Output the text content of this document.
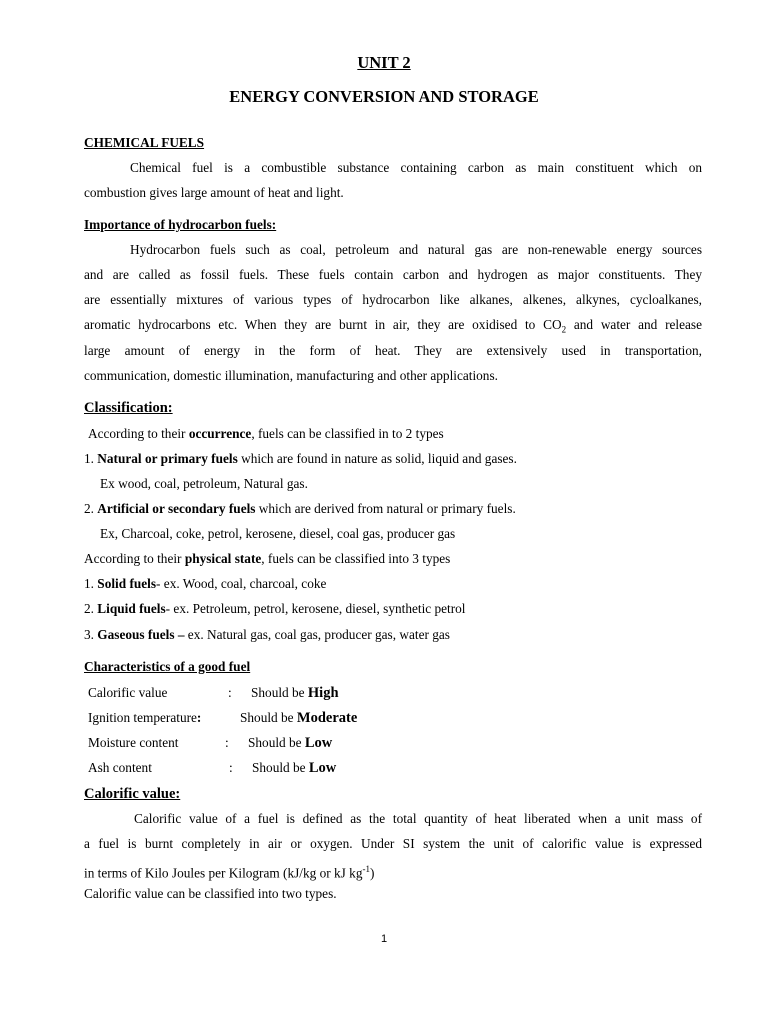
UNIT 2
ENERGY CONVERSION AND STORAGE
CHEMICAL FUELS
Chemical fuel is a combustible substance containing carbon as main constituent which on
combustion gives large amount of heat and light.
Importance of hydrocarbon fuels:
Hydrocarbon fuels such as coal, petroleum and natural gas are non-renewable energy sources
and are called as fossil fuels. These fuels contain carbon and hydrogen as major constituents. They
are essentially mixtures of various types of hydrocarbon like alkanes, alkenes, alkynes, cycloalkanes,
aromatic hydrocarbons etc. When they are burnt in air, they are oxidised to $CO_2$ and water and release
large amount of energy in the form of heat. They are extensively used in transportation,
communication, domestic illumination, manufacturing and other applications.
Classification:
According to their occurrence, fuels can be classified in to 2 types
1. Natural or primary fuels which are found in nature as solid, liquid and gases.
Ex wood, coal, petroleum, Natural gas.
2. Artificial or secondary fuels which are derived from natural or primary fuels.
Ex, Charcoal, coke, petrol, kerosene, diesel, coal gas, producer gas
According to their physical state, fuels can be classified into 3 types
1. Solid fuels- ex. Wood, coal, charcoal, coke
2. Liquid fuels- ex. Petroleum, petrol, kerosene, diesel, synthetic petrol
3. Gaseous fuels – ex. Natural gas, coal gas, producer gas, water gas
Characteristics of a good fuel
Calorific value	: Should be High
Ignition temperature:	Should be Moderate
Moisture content	: Should be Low
Ash content	: Should be Low
Calorific value:
Calorific value of a fuel is defined as the total quantity of heat liberated when a unit mass of
a fuel is burnt completely in air or oxygen. Under SI system the unit of calorific value is expressed
in terms of Kilo Joules per Kilogram (kJ/kg or kJ $kg^{-1}$)
Calorific value can be classified into two types.
1
